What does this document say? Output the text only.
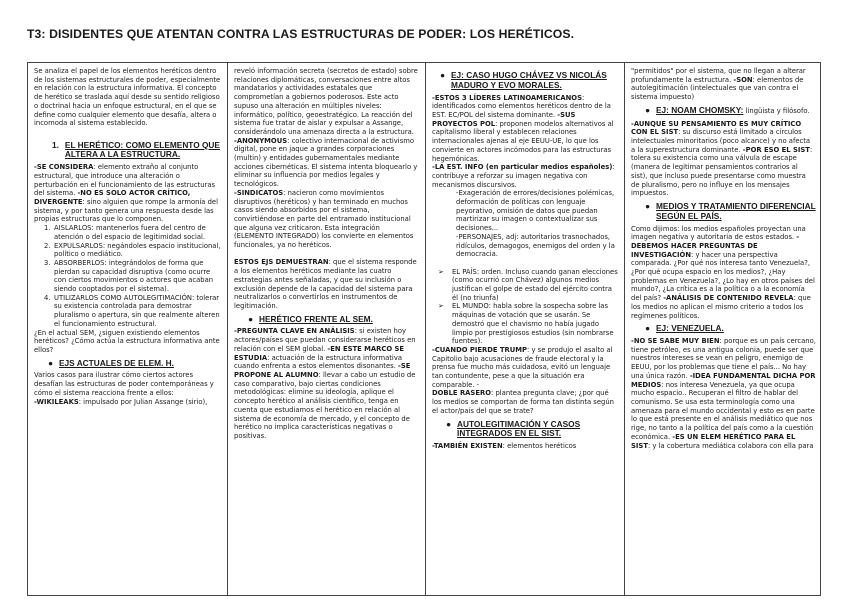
T3: DISIDENTES QUE ATENTAN CONTRA LAS ESTRUCTURAS DE PODER: LOS HERÉTICOS.

Se analiza el papel de los elementos heréticos dentro de los sistemas estructurales de poder, especialmente en relación con la estructura informativa. El concepto de herético se traslada aquí desde su sentido religioso o doctrinal hacia un enfoque estructural, en el que se define como cualquier elemento que desafía, altera o incomoda al sistema establecido.

1. EL HERÉTICO: COMO ELEMENTO QUE ALTERA A LA ESTRUCTURA.

-SE CONSIDERA: elemento extraño al conjunto estructural, que introduce una alteración o perturbación en el funcionamiento de las estructuras del sistema. -NO ES SOLO ACTOR CRÍTICO, DIVERGENTE: sino alguien que rompe la armonía del sistema, y por tanto genera una respuesta desde las propias estructuras que lo componen.

1. AISLARLOS: mantenerlos fuera del centro de atención o del espacio de legitimidad social.
2. EXPULSARLOS: negándoles espacio institucional, político o mediático.
3. ABSORBERLOS: integrándolos de forma que pierdan su capacidad disruptiva (como ocurre con ciertos movimientos o actores que acaban siendo cooptados por el sistema).
4. UTILIZARLOS COMO AUTOLEGITIMACIÓN: tolerar su existencia controlada para demostrar pluralismo o apertura, sin que realmente alteren el funcionamiento estructural.

¿En el actual SEM, ¿siguen existiendo elementos heréticos? ¿Cómo actúa la estructura informativa ante ellos?

● EJS ACTUALES DE ELEM. H.

Varios casos para ilustrar cómo ciertos actores desafían las estructuras de poder contemporáneas y cómo el sistema reacciona frente a ellos:

-WIKILEAKS: impulsado por Julian Assange (sirio),

reveló información secreta (secretos de estado) sobre relaciones diplomáticas, conversaciones entre altos mandatarios y actividades estatales que comprometían a gobiernos poderosos. Este acto supuso una alteración en múltiples niveles: informático, político, geoestratégico. La reacción del sistema fue tratar de aislar y expulsar a Assange, considerándolo una amenaza directa a la estructura.

-ANONYMOUS: colectivo internacional de activismo digital, pone en jaque a grandes corporaciones (multin) y entidades gubernamentales mediante acciones cibernéticas. El sistema intenta bloquearlo y eliminar su influencia por medios legales y tecnológicos.

-SINDICATOS: nacieron como movimientos disruptivos (heréticos) y han terminado en muchos casos siendo absorbidos por el sistema, convirtiéndose en parte del entramado institucional que alguna vez criticaron. Esta integración (ELEMENTO INTEGRADO) los convierte en elementos funcionales, ya no heréticos.

ESTOS EJS DEMUESTRAN: que el sistema responde a los elementos heréticos mediante las cuatro estrategias antes señaladas, y que su inclusión o exclusión depende de la capacidad del sistema para neutralizarlos o convertirlos en instrumentos de legitimación.

● HERÉTICO FRENTE AL SEM.

-PREGUNTA CLAVE EN ANÁLISIS: si existen hoy actores/países que puedan considerarse heréticos en relación con el SEM global. -EN ESTE MARCO SE ESTUDIA: actuación de la estructura informativa cuando enfrenta a estos elementos disonantes. -SE PROPONE AL ALUMNO: llevar a cabo un estudio de caso comparativo, bajo ciertas condiciones metodológicas: elimine su ideología, aplique el concepto herético al análisis científico, tenga en cuenta que estudiamos el herético en relación al sistema de economía de mercado, y el concepto de herético no implica características negativas o positivas.

● EJ: CASO HUGO CHÁVEZ VS NICOLÁS MADURO Y EVO MORALES.

-ESTOS 3 LÍDERES LATINOAMERICANOS: identificados como elementos heréticos dentro de la EST. EC/POL del sistema dominante. -SUS PROYECTOS POL: proponen modelos alternativos al capitalismo liberal y establecen relaciones internacionales ajenas al eje EEUU-UE, lo que los convierte en actores incómodos para las estructuras hegemónicas.

-LA EST. INFO (en particular medios españoles): contribuye a reforzar su imagen negativa con mecanismos discursivos.

-Exageración de errores/decisiones polémicas, deformación de políticas con lenguaje peyorativo, omisión de datos que puedan martirizar su imagen o contextualizar sus decisiones...

-PERSONAJES, adj: autoritarios trasnochados, ridículos, demagogos, enemigos del orden y la democracia.

➢	EL PAÍS: orden. Incluso cuando ganan elecciones (como ocurrió con Chávez) algunos medios justifican el golpe de estado del ejército contra él (no triunfa)
➢	EL MUNDO: habla sobre la sospecha sobre las máquinas de votación que se usarán. Se demostró que el chavismo no había jugado limpio por prestigiosos estudios (sin nombrarse fuentes).

-CUANDO PIERDE TRUMP: y se produjo el asalto al Capitolio bajo acusaciones de fraude electoral y la prensa fue mucho más cuidadosa, evitó un lenguaje tan contundente, pese a que la situación era comparable. -

DOBLE RASERO: plantea pregunta clave; ¿por qué los medios se comportan de forma tan distinta según el actor/país del que se trate?

● AUTOLEGITIMACIÓN Y CASOS INTEGRADOS EN EL SIST.

-TAMBIÉN EXISTEN: elementos heréticos

"permitidos" por el sistema, que no llegan a alterar profundamente la estructura. -SON: elementos de autolegitimación (intelectuales que van contra el sistema impuesto)

● EJ: NOAM CHOMSKY: lingüista y filósofo.

-AUNQUE SU PENSAMIENTO ES MUY CRÍTICO CON EL SIST: su discurso está limitado a círculos intelectuales minoritarios (poco alcance) y no afecta a la superestructura dominante. -POR ESO EL SIST: tolera su existencia como una válvula de escape (manera de legitimar pensamientos contrarios al sist), que incluso puede presentarse como muestra de pluralismo, pero no influye en los mensajes impuestos.

● MEDIOS Y TRATAMIENTO DIFERENCIAL SEGÚN EL PAÍS.

Como dijimos: los medios españoles proyectan una imagen negativa y autoritaria de estos estados. -DEBEMOS HACER PREGUNTAS DE INVESTIGACIÓN: y hacer una perspectiva comparada. ¿Por qué nos interesa tanto Venezuela?, ¿Por qué ocupa espacio en los medios?, ¿Hay problemas en Venezuela?, ¿Lo hay en otros países del mundo?, ¿La crítica es a la política o a la economía del país? -ANÁLISIS DE CONTENIDO REVELA: que los medios no aplican el mismo criterio a todos los regímenes políticos.

● EJ: VENEZUELA.

-NO SE SABE MUY BIEN: porque es un país cercano, tiene petróleo, es una antigua colonia, puede ser que nuestros intereses se vean en peligro, enemigo de EEUU, por los problemas que tiene el país... No hay una única razón. -IDEA FUNDAMENTAL DICHA POR MEDIOS: nos interesa Venezuela, ya que ocupa mucho espacio.. Recuperan el filtro de hablar del comunismo. Se usa esta terminología como una amenaza para el mundo occidental y esto es en parte lo que está presente en el análisis mediático que nos rige, no tanto a la política del país como a la cuestión económica. -ES UN ELEM HERÉTICO PARA EL SIST: y la cobertura mediática colabora con ella para
